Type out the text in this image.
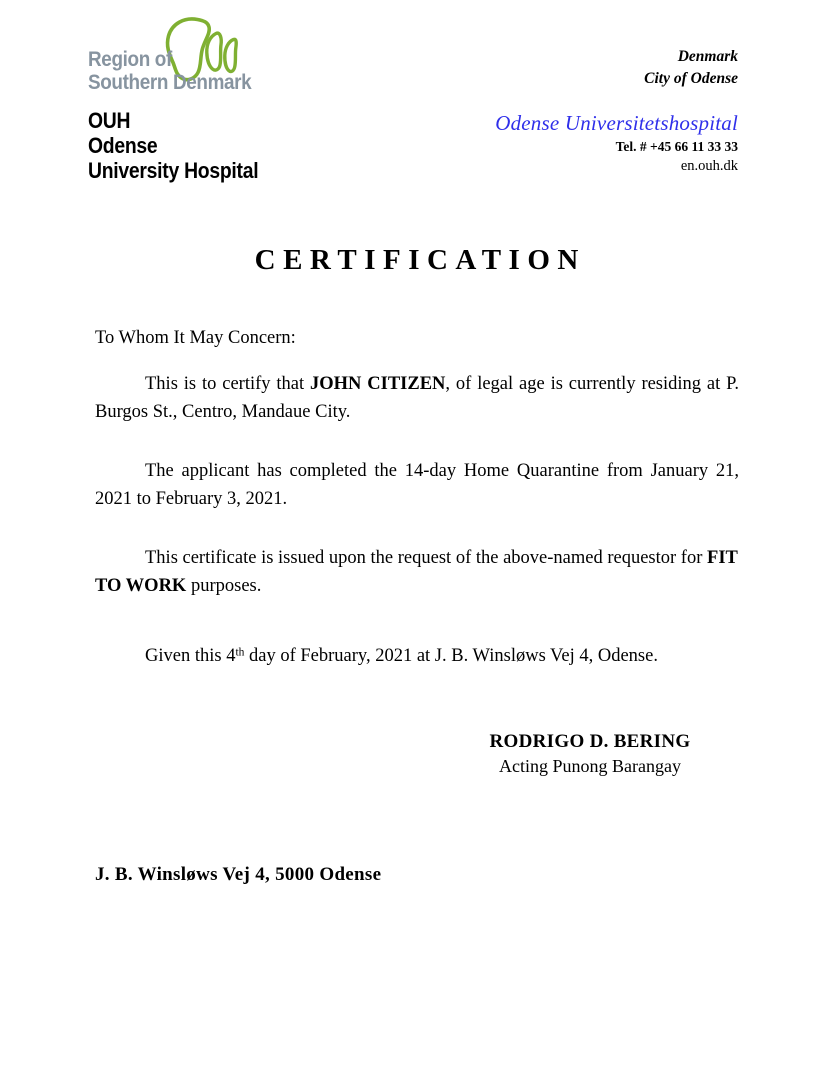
Region of
Southern Denmark
OUH
Odense
University Hospital
Denmark
City of Odense
Odense Universitetshospital
Tel. # +45 66 11 33 33
en.ouh.dk
CERTIFICATION

To Whom It May Concern:

This is to certify that JOHN CITIZEN, of legal age is currently residing at P. Burgos St., Centro, Mandaue City.

The applicant has completed the 14-day Home Quarantine from January 21, 2021 to February 3, 2021.

This certificate is issued upon the request of the above-named requestor for FIT TO WORK purposes.

Given this 4th day of February, 2021 at J. B. Winsløws Vej 4, Odense.
RODRIGO D. BERING
Acting Punong Barangay
J. B. Winsløws Vej 4, 5000 Odense
